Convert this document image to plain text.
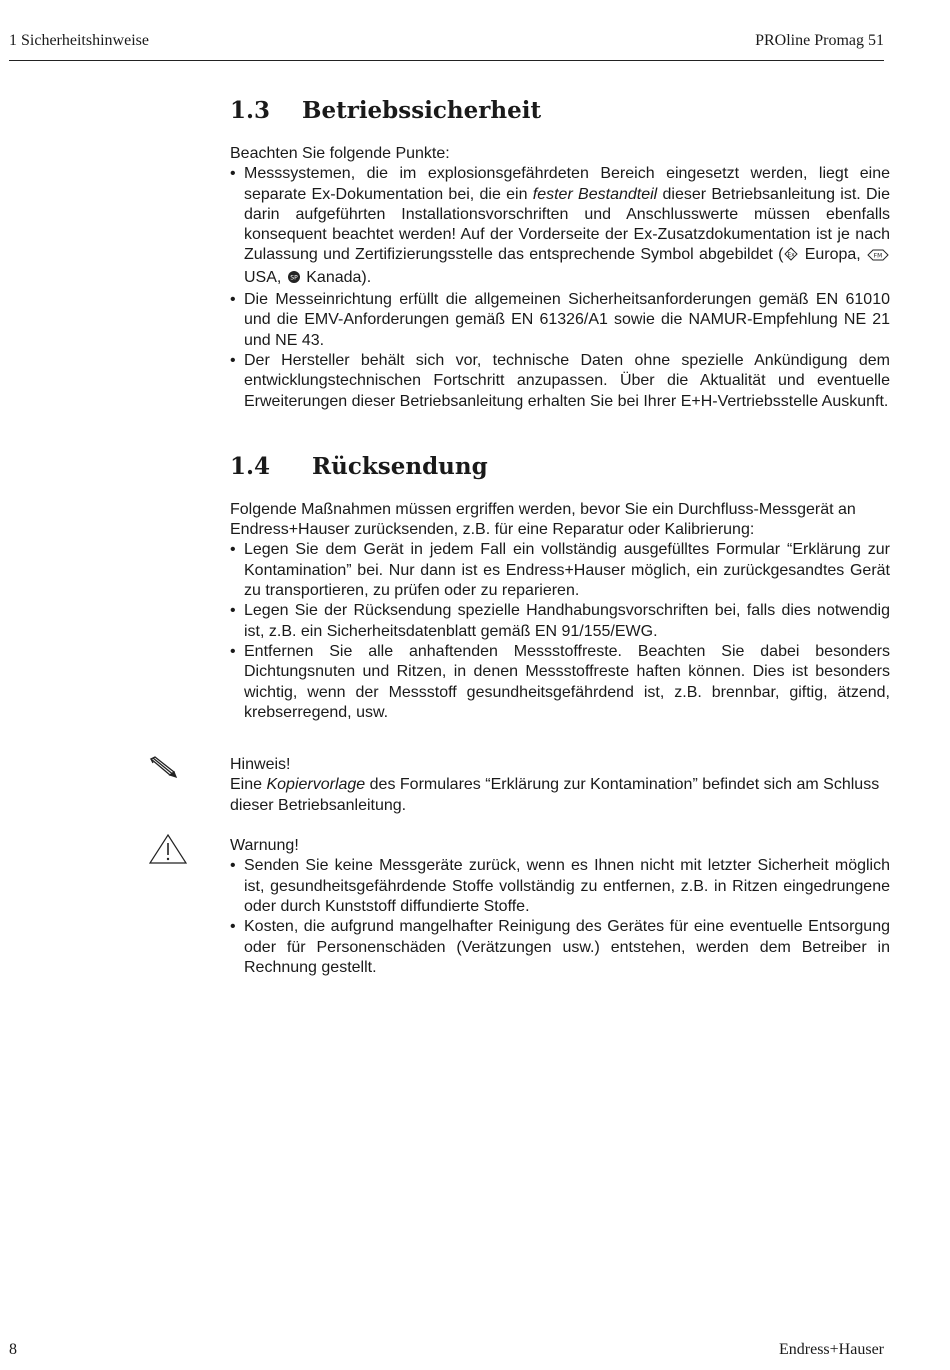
1 Sicherheitshinweise	PROline Promag 51
1.3 Betriebssicherheit
Beachten Sie folgende Punkte:
• Messsystemen, die im explosionsgefährdeten Bereich eingesetzt werden, liegt eine separate Ex-Dokumentation bei, die ein fester Bestandteil dieser Betriebsanleitung ist. Die darin aufgeführten Installationsvorschriften und Anschlusswerte müssen ebenfalls konsequent beachtet werden! Auf der Vorderseite der Ex-Zusatzdokumentation ist je nach Zulassung und Zertifizierungsstelle das entsprechende Symbol abgebildet ( Ex Europa, FM
USA, SP Kanada).
• Die Messeinrichtung erfüllt die allgemeinen Sicherheitsanforderungen gemäß EN 61010 und die EMV-Anforderungen gemäß EN 61326/A1 sowie die NAMUR-Empfehlung NE 21 und NE 43.
• Der Hersteller behält sich vor, technische Daten ohne spezielle Ankündigung dem entwicklungstechnischen Fortschritt anzupassen. Über die Aktualität und eventuelle Erweiterungen dieser Betriebsanleitung erhalten Sie bei Ihrer E+H-Vertriebsstelle Auskunft.
1.4 Rücksendung
Folgende Maßnahmen müssen ergriffen werden, bevor Sie ein Durchfluss-Messgerät an Endress+Hauser zurücksenden, z.B. für eine Reparatur oder Kalibrierung:
• Legen Sie dem Gerät in jedem Fall ein vollständig ausgefülltes Formular “Erklärung zur Kontamination” bei. Nur dann ist es Endress+Hauser möglich, ein zurückgesandtes Gerät zu transportieren, zu prüfen oder zu reparieren.
• Legen Sie der Rücksendung spezielle Handhabungsvorschriften bei, falls dies notwendig ist, z.B. ein Sicherheitsdatenblatt gemäß EN 91/155/EWG.
• Entfernen Sie alle anhaftenden Messstoffreste. Beachten Sie dabei besonders Dichtungsnuten und Ritzen, in denen Messstoffreste haften können. Dies ist besonders wichtig, wenn der Messstoff gesundheitsgefährdend ist, z.B. brennbar, giftig, ätzend, krebserregend, usw.
Hinweis!
Eine Kopiervorlage des Formulares “Erklärung zur Kontamination” befindet sich am Schluss dieser Betriebsanleitung.
Warnung!
• Senden Sie keine Messgeräte zurück, wenn es Ihnen nicht mit letzter Sicherheit möglich ist, gesundheitsgefährdende Stoffe vollständig zu entfernen, z.B. in Ritzen eingedrungene oder durch Kunststoff diffundierte Stoffe.
• Kosten, die aufgrund mangelhafter Reinigung des Gerätes für eine eventuelle Entsorgung oder für Personenschäden (Verätzungen usw.) entstehen, werden dem Betreiber in Rechnung gestellt.
8	Endress+Hauser
